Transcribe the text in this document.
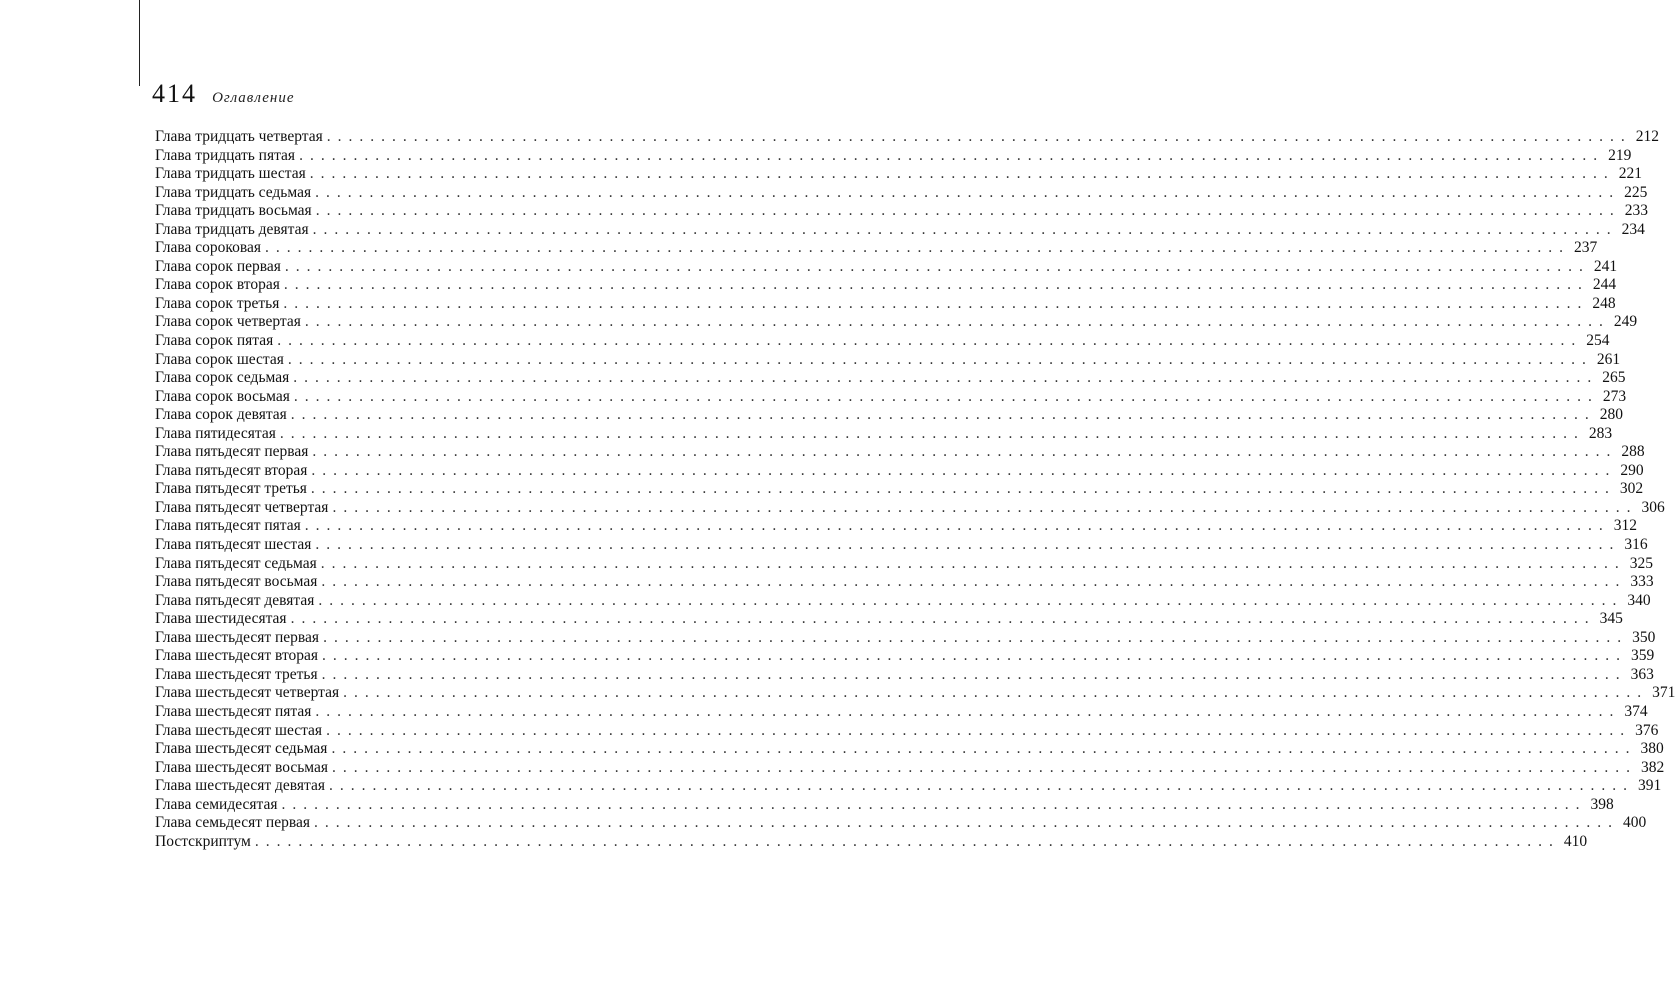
414 Оглавление
Глава тридцать четвертая ........................................................................................................................ 212
Глава тридцать пятая ........................................................................................................................ 219
Глава тридцать шестая ........................................................................................................................ 221
Глава тридцать седьмая ........................................................................................................................ 225
Глава тридцать восьмая ........................................................................................................................ 233
Глава тридцать девятая ........................................................................................................................ 234
Глава сороковая ........................................................................................................................ 237
Глава сорок первая ........................................................................................................................ 241
Глава сорок вторая ........................................................................................................................ 244
Глава сорок третья ........................................................................................................................ 248
Глава сорок четвертая ........................................................................................................................ 249
Глава сорок пятая ........................................................................................................................ 254
Глава сорок шестая ........................................................................................................................ 261
Глава сорок седьмая ........................................................................................................................ 265
Глава сорок восьмая ........................................................................................................................ 273
Глава сорок девятая ........................................................................................................................ 280
Глава пятидесятая ........................................................................................................................ 283
Глава пятьдесят первая ........................................................................................................................ 288
Глава пятьдесят вторая ........................................................................................................................ 290
Глава пятьдесят третья ........................................................................................................................ 302
Глава пятьдесят четвертая ........................................................................................................................ 306
Глава пятьдесят пятая ........................................................................................................................ 312
Глава пятьдесят шестая ........................................................................................................................ 316
Глава пятьдесят седьмая ........................................................................................................................ 325
Глава пятьдесят восьмая ........................................................................................................................ 333
Глава пятьдесят девятая ........................................................................................................................ 340
Глава шестидесятая ........................................................................................................................ 345
Глава шестьдесят первая ........................................................................................................................ 350
Глава шестьдесят вторая ........................................................................................................................ 359
Глава шестьдесят третья ........................................................................................................................ 363
Глава шестьдесят четвертая ........................................................................................................................ 371
Глава шестьдесят пятая ........................................................................................................................ 374
Глава шестьдесят шестая ........................................................................................................................ 376
Глава шестьдесят седьмая ........................................................................................................................ 380
Глава шестьдесят восьмая ........................................................................................................................ 382
Глава шестьдесят девятая ........................................................................................................................ 391
Глава семидесятая ........................................................................................................................ 398
Глава семьдесят первая ........................................................................................................................ 400
Постскриптум ........................................................................................................................ 410
